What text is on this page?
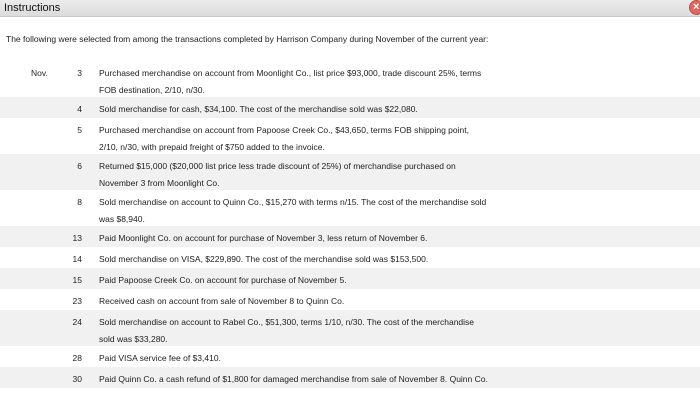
Instructions	×
The following were selected from among the transactions completed by Harrison Company during November of the current year:
Nov.	3 Purchased merchandise on account from Moonlight Co., list price $93,000, trade discount 25%, terms
FOB destination, 2/10, n/30.
4 Sold merchandise for cash, $34,100. The cost of the merchandise sold was $22,080.
5 Purchased merchandise on account from Papoose Creek Co., $43,650, terms FOB shipping point,
2/10, n/30, with prepaid freight of $750 added to the invoice.
6 Returned $15,000 ($20,000 list price less trade discount of 25%) of merchandise purchased on
November 3 from Moonlight Co.
8 Sold merchandise on account to Quinn Co., $15,270 with terms n/15. The cost of the merchandise sold
was $8,940.
13 Paid Moonlight Co. on account for purchase of November 3, less return of November 6.
14 Sold merchandise on VISA, $229,890. The cost of the merchandise sold was $153,500.
15 Paid Papoose Creek Co. on account for purchase of November 5.
23 Received cash on account from sale of November 8 to Quinn Co.
24 Sold merchandise on account to Rabel Co., $51,300, terms 1/10, n/30. The cost of the merchandise
sold was $33,280.
28 Paid VISA service fee of $3,410.
30 Paid Quinn Co. a cash refund of $1,800 for damaged merchandise from sale of November 8. Quinn Co.
